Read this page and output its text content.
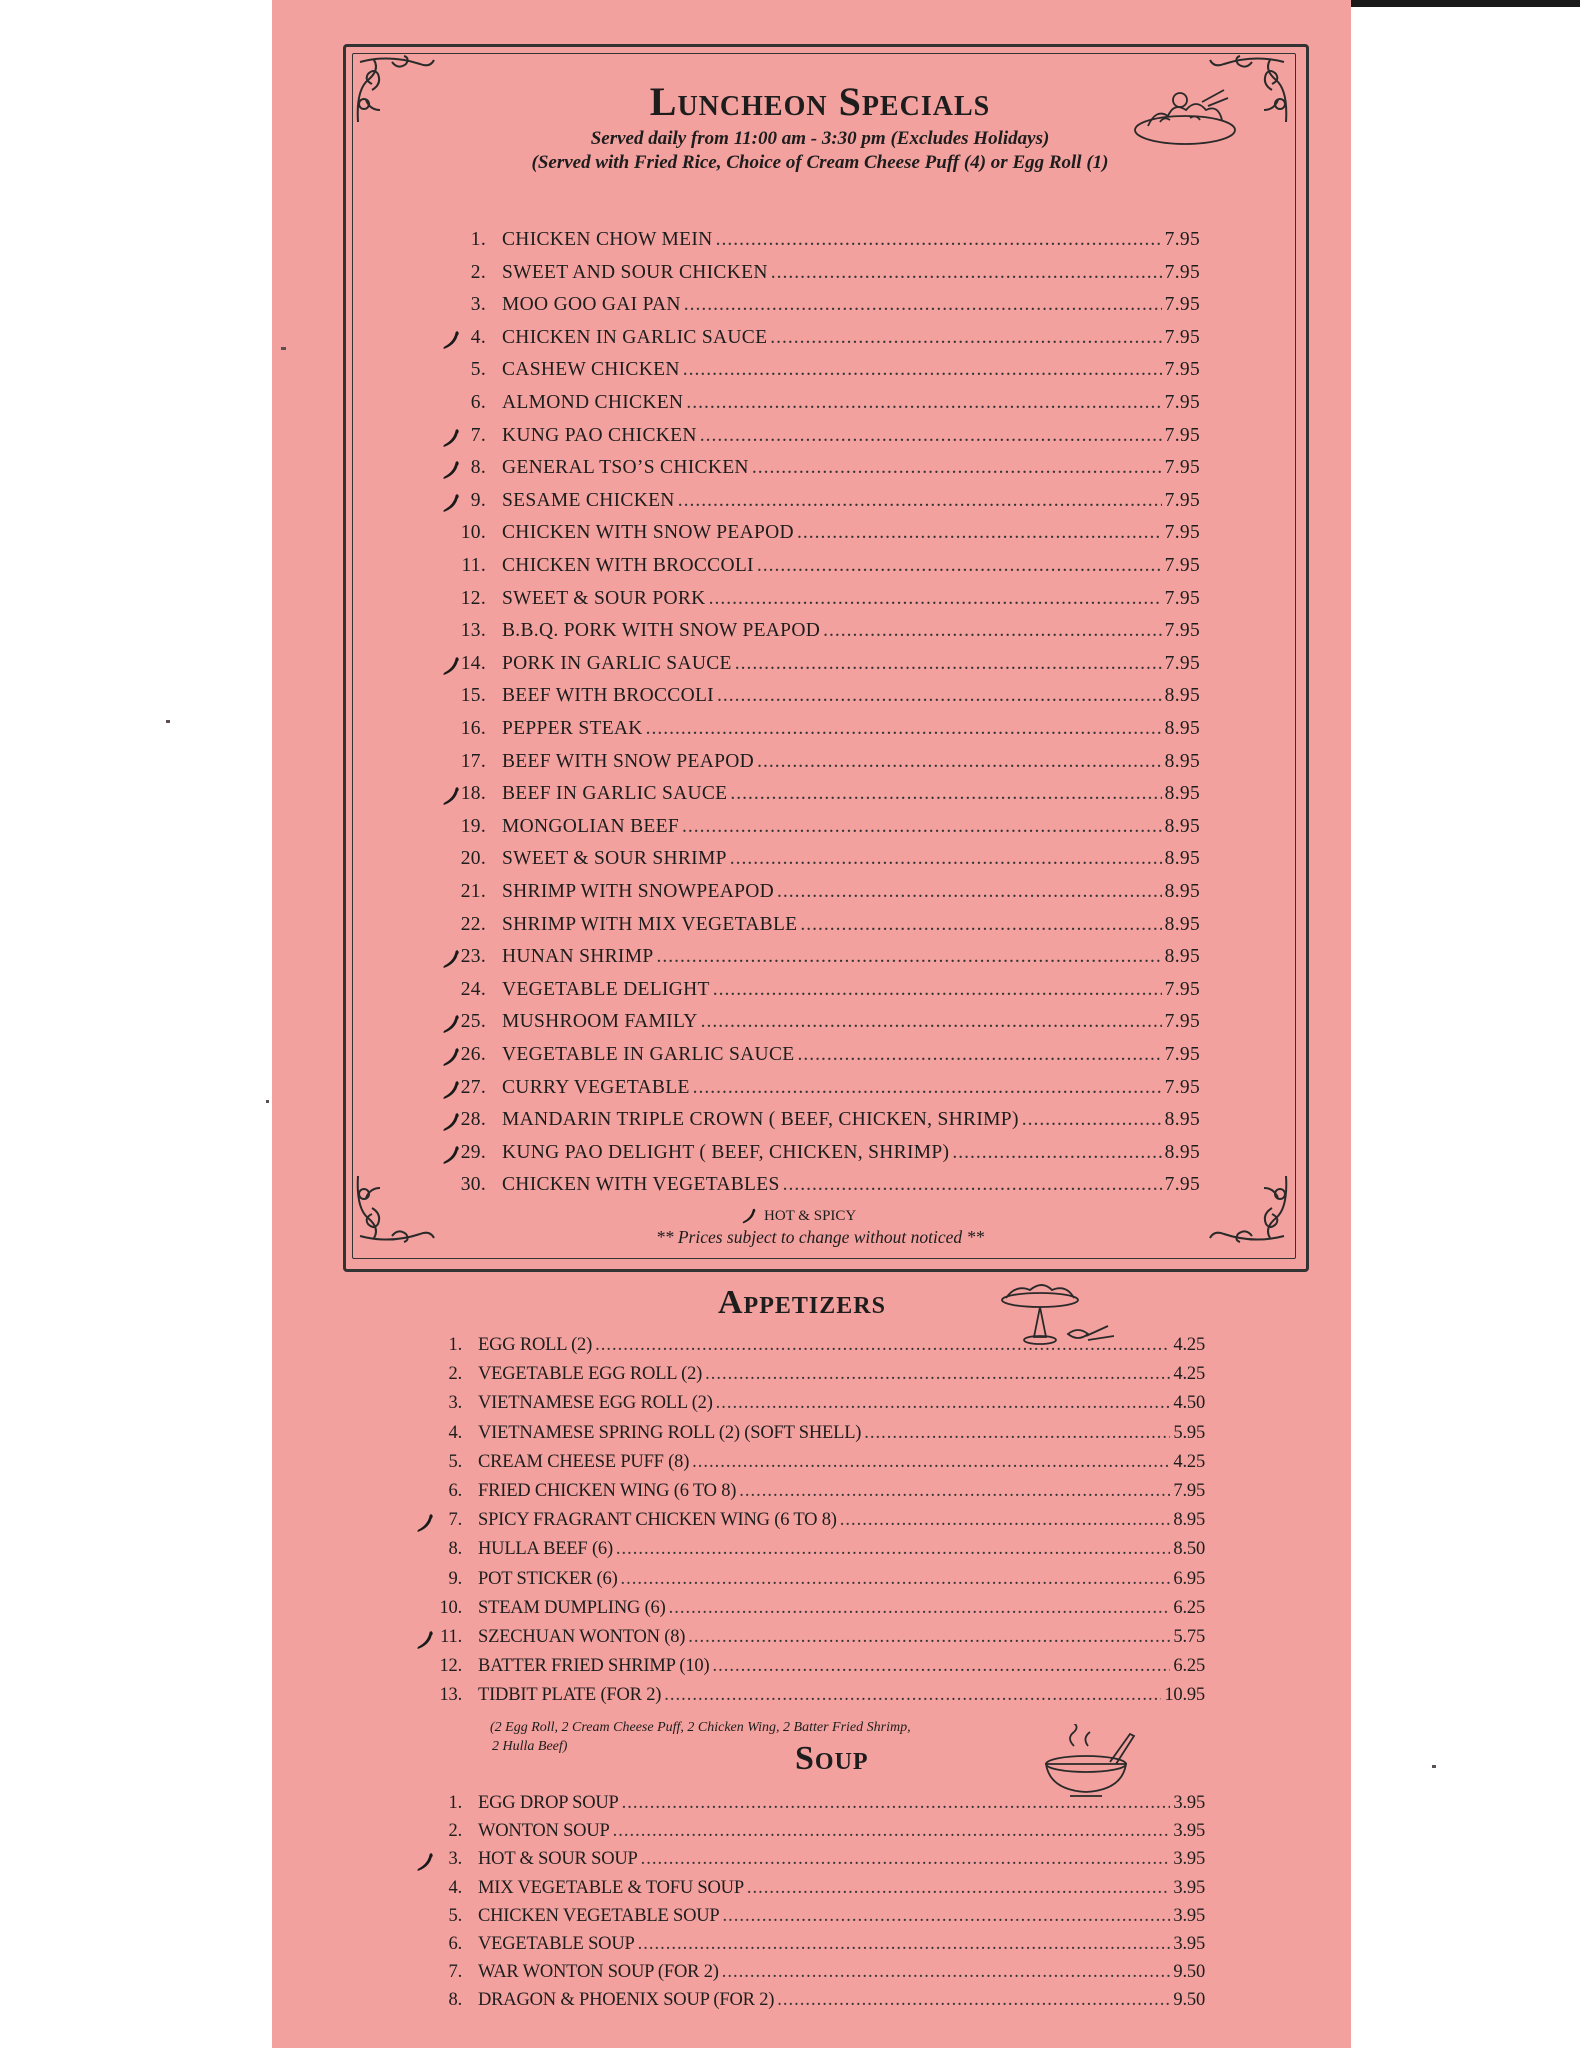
Luncheon Specials
Served daily from 11:00 am - 3:30 pm (Excludes Holidays)
(Served with Fried Rice, Choice of Cream Cheese Puff (4) or Egg Roll (1)
1. CHICKEN CHOW MEIN .....	7.95
2. SWEET AND SOUR CHICKEN .....	7.95
3. MOO GOO GAI PAN .....	7.95
4. CHICKEN IN GARLIC SAUCE .....	7.95
5. CASHEW CHICKEN .....	7.95
6. ALMOND CHICKEN .....	7.95
7. KUNG PAO CHICKEN .....	7.95
8. GENERAL TSO’S CHICKEN .....	7.95
9. SESAME CHICKEN .....	7.95
10. CHICKEN WITH SNOW PEAPOD .....	7.95
11. CHICKEN WITH BROCCOLI .....	7.95
12. SWEET & SOUR PORK .....	7.95
13. B.B.Q. PORK WITH SNOW PEAPOD .....	7.95
14. PORK IN GARLIC SAUCE .....	7.95
15. BEEF WITH BROCCOLI .....	8.95
16. PEPPER STEAK .....	8.95
17. BEEF WITH SNOW PEAPOD .....	8.95
18. BEEF IN GARLIC SAUCE .....	8.95
19. MONGOLIAN BEEF .....	8.95
20. SWEET & SOUR SHRIMP .....	8.95
21. SHRIMP WITH SNOWPEAPOD .....	8.95
22. SHRIMP WITH MIX VEGETABLE .....	8.95
23. HUNAN SHRIMP .....	8.95
24. VEGETABLE DELIGHT .....	7.95
25. MUSHROOM FAMILY .....	7.95
26. VEGETABLE IN GARLIC SAUCE .....	7.95
27. CURRY VEGETABLE .....	7.95
28. MANDARIN TRIPLE CROWN ( BEEF, CHICKEN, SHRIMP) .....	8.95
29. KUNG PAO DELIGHT ( BEEF, CHICKEN, SHRIMP) .....	8.95
30. CHICKEN WITH VEGETABLES .....	7.95
HOT & SPICY
** Prices subject to change without noticed **
Appetizers
1. EGG ROLL (2) .....	4.25
2. VEGETABLE EGG ROLL (2) .....	4.25
3. VIETNAMESE EGG ROLL (2) .....	4.50
4. VIETNAMESE SPRING ROLL (2) (SOFT SHELL) .....	5.95
5. CREAM CHEESE PUFF (8) .....	4.25
6. FRIED CHICKEN WING (6 TO 8) .....	7.95
7. SPICY FRAGRANT CHICKEN WING (6 TO 8) .....	8.95
8. HULLA BEEF (6) .....	8.50
9. POT STICKER (6) .....	6.95
10. STEAM DUMPLING (6) .....	6.25
11. SZECHUAN WONTON (8) .....	5.75
12. BATTER FRIED SHRIMP (10) .....	6.25
13. TIDBIT PLATE (FOR 2) .....	10.95
(2 Egg Roll, 2 Cream Cheese Puff, 2 Chicken Wing, 2 Batter Fried Shrimp,
2 Hulla Beef)	Soup
1. EGG DROP SOUP .....	3.95
2. WONTON SOUP .....	3.95
3. HOT & SOUR SOUP .....	3.95
4. MIX VEGETABLE & TOFU SOUP .....	3.95
5. CHICKEN VEGETABLE SOUP .....	3.95
6. VEGETABLE SOUP .....	3.95
7. WAR WONTON SOUP (FOR 2) .....	9.50
8. DRAGON & PHOENIX SOUP (FOR 2) .....	9.50
